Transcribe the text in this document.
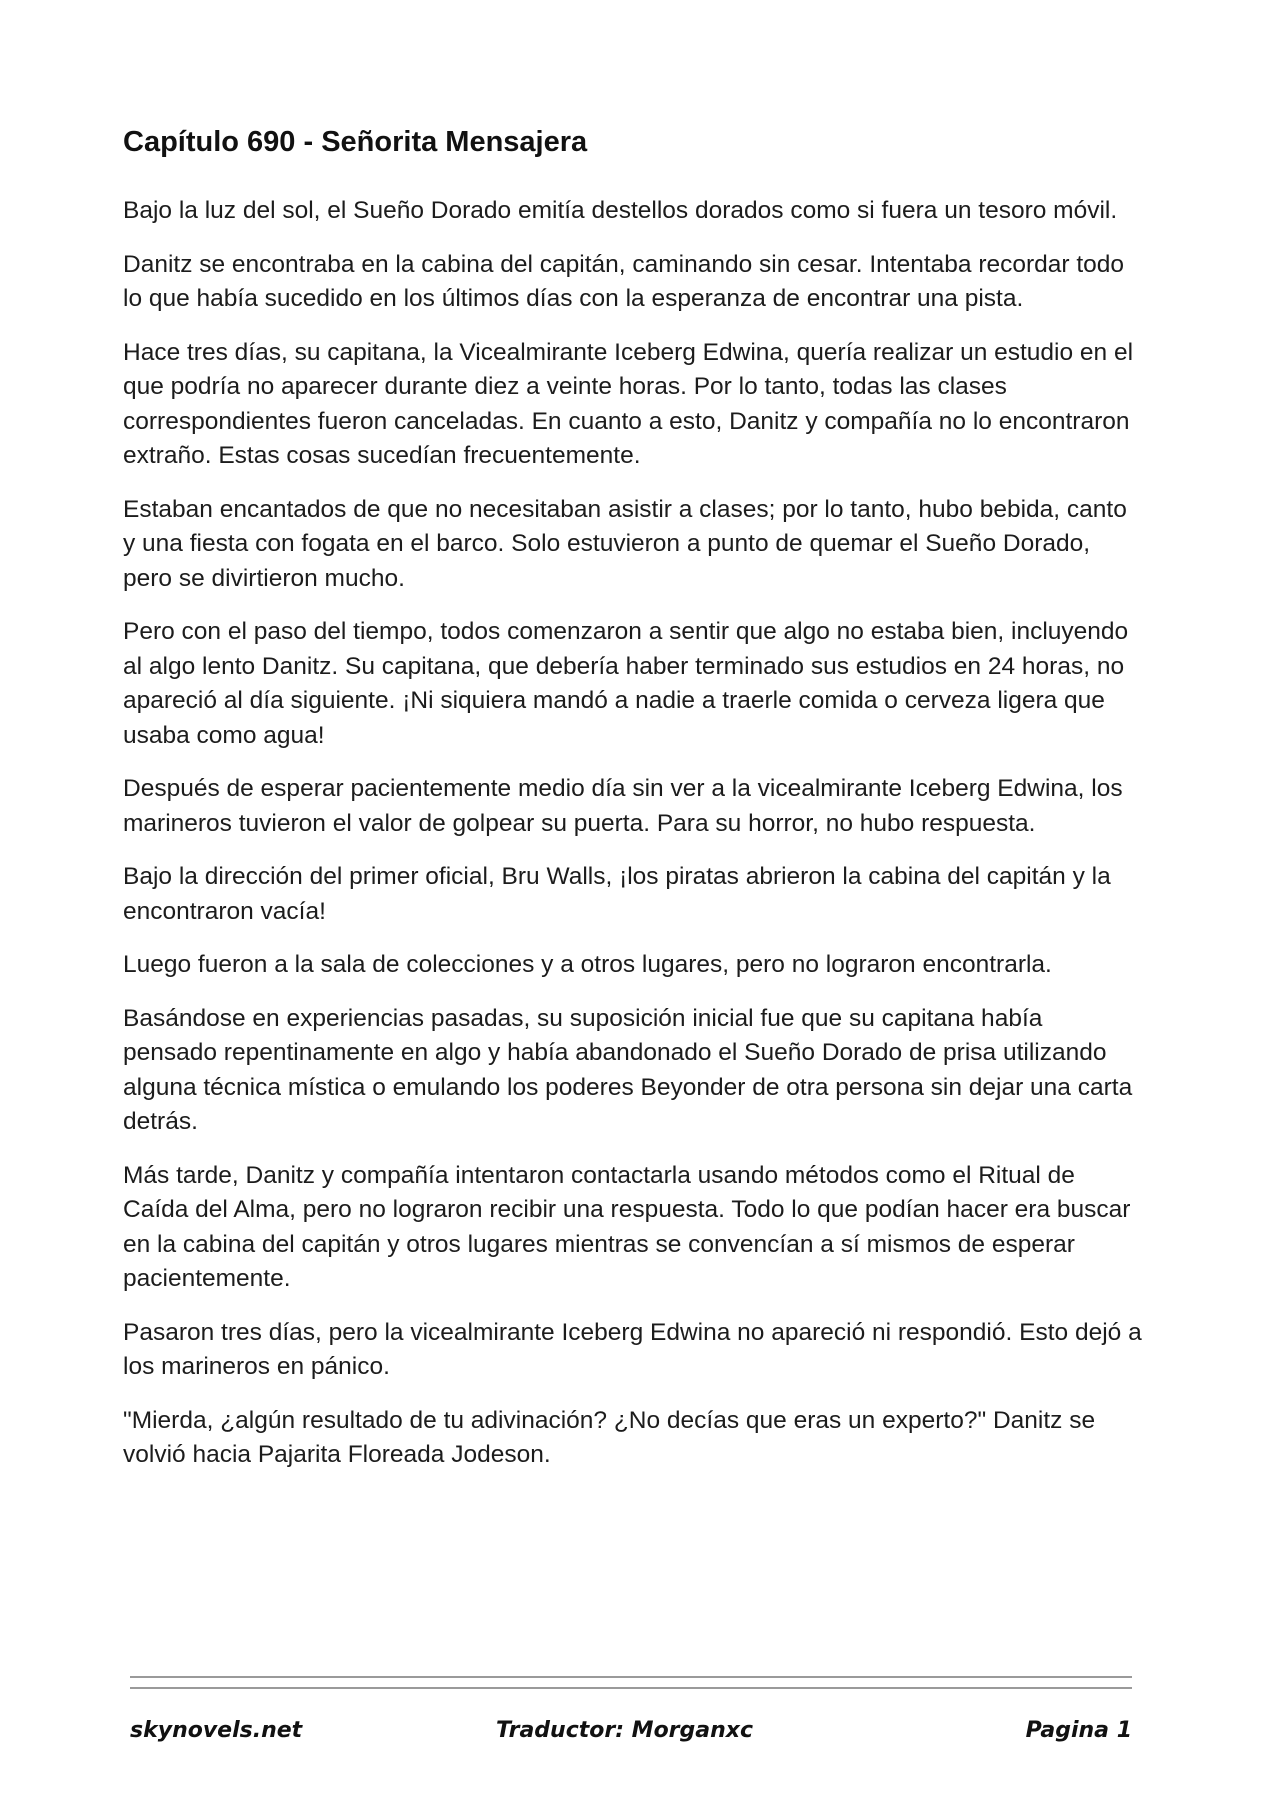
Capítulo 690 - Señorita Mensajera

Bajo la luz del sol, el Sueño Dorado emitía destellos dorados como si fuera un tesoro móvil.

Danitz se encontraba en la cabina del capitán, caminando sin cesar. Intentaba recordar todo lo que había sucedido en los últimos días con la esperanza de encontrar una pista.

Hace tres días, su capitana, la Vicealmirante Iceberg Edwina, quería realizar un estudio en el que podría no aparecer durante diez a veinte horas. Por lo tanto, todas las clases correspondientes fueron canceladas. En cuanto a esto, Danitz y compañía no lo encontraron extraño. Estas cosas sucedían frecuentemente.

Estaban encantados de que no necesitaban asistir a clases; por lo tanto, hubo bebida, canto y una fiesta con fogata en el barco. Solo estuvieron a punto de quemar el Sueño Dorado, pero se divirtieron mucho.

Pero con el paso del tiempo, todos comenzaron a sentir que algo no estaba bien, incluyendo al algo lento Danitz. Su capitana, que debería haber terminado sus estudios en 24 horas, no apareció al día siguiente. ¡Ni siquiera mandó a nadie a traerle comida o cerveza ligera que usaba como agua!

Después de esperar pacientemente medio día sin ver a la vicealmirante Iceberg Edwina, los marineros tuvieron el valor de golpear su puerta. Para su horror, no hubo respuesta.

Bajo la dirección del primer oficial, Bru Walls, ¡los piratas abrieron la cabina del capitán y la encontraron vacía!

Luego fueron a la sala de colecciones y a otros lugares, pero no lograron encontrarla.

Basándose en experiencias pasadas, su suposición inicial fue que su capitana había pensado repentinamente en algo y había abandonado el Sueño Dorado de prisa utilizando alguna técnica mística o emulando los poderes Beyonder de otra persona sin dejar una carta detrás.

Más tarde, Danitz y compañía intentaron contactarla usando métodos como el Ritual de Caída del Alma, pero no lograron recibir una respuesta. Todo lo que podían hacer era buscar en la cabina del capitán y otros lugares mientras se convencían a sí mismos de esperar pacientemente.

Pasaron tres días, pero la vicealmirante Iceberg Edwina no apareció ni respondió. Esto dejó a los marineros en pánico.

"Mierda, ¿algún resultado de tu adivinación? ¿No decías que eras un experto?" Danitz se volvió hacia Pajarita Floreada Jodeson.

skynovels.net	Traductor: Morganxc	Pagina 1
